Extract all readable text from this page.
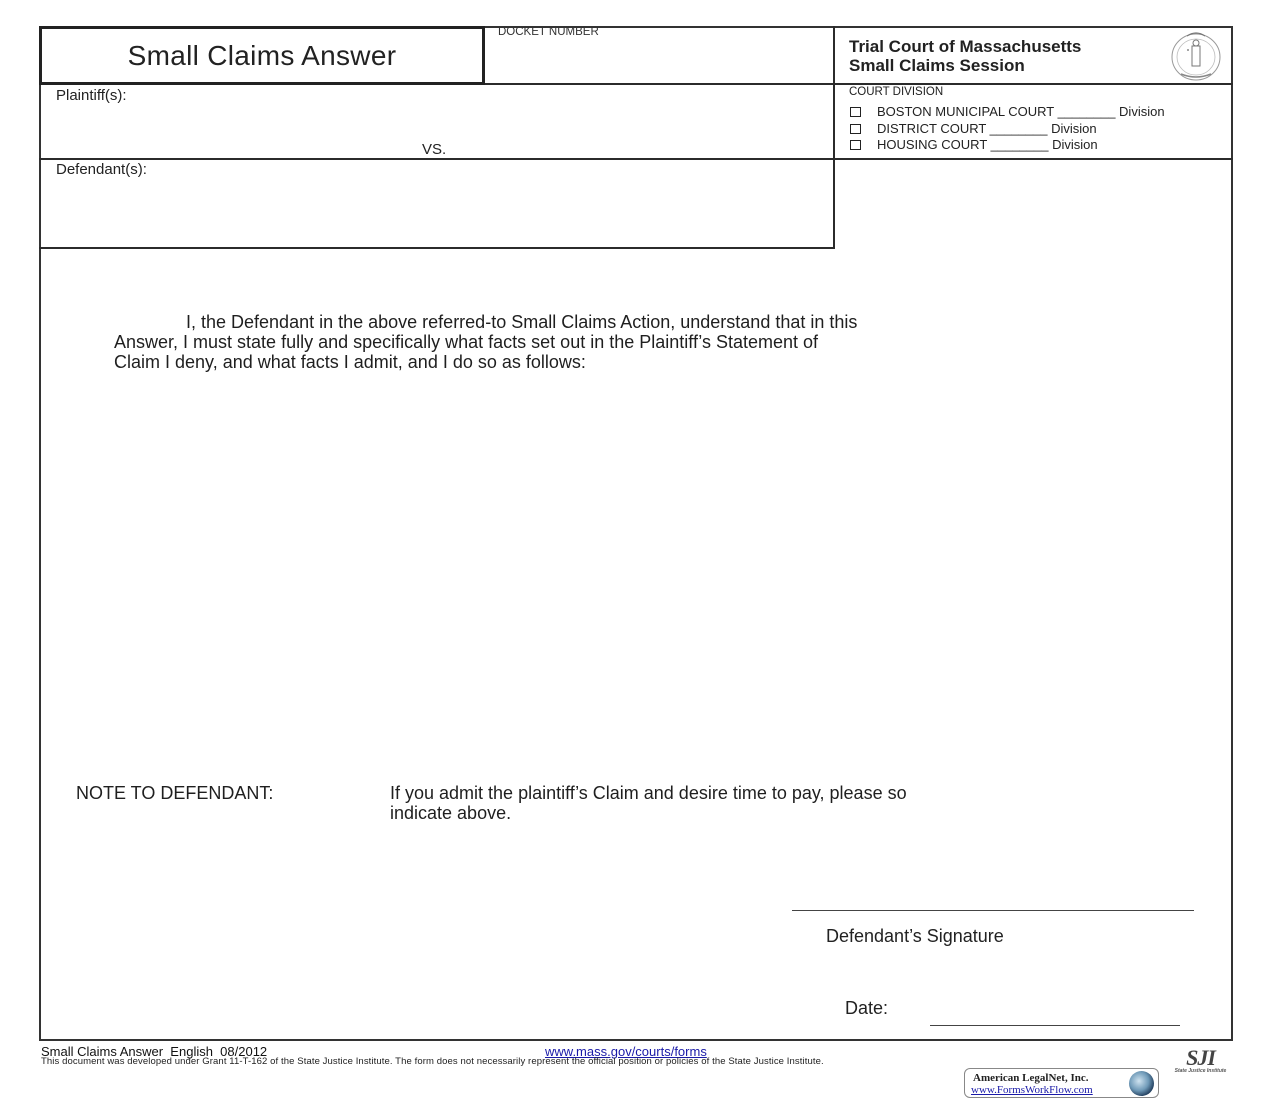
Small Claims Answer
DOCKET NUMBER
Trial Court of Massachusetts
Small Claims Session
Plaintiff(s):
VS.
Defendant(s):
COURT DIVISION
BOSTON MUNICIPAL COURT ________ Division
DISTRICT COURT ________ Division
HOUSING COURT ________ Division
I, the Defendant in the above referred-to Small Claims Action, understand that in this
Answer, I must state fully and specifically what facts set out in the Plaintiff’s Statement of
Claim I deny, and what facts I admit, and I do so as follows:
NOTE TO DEFENDANT:	If you admit the plaintiff’s Claim and desire time to pay, please so
indicate above.
Defendant’s Signature
Date:
Small Claims Answer  English  08/2012	www.mass.gov/courts/forms
This document was developed under Grant 11-T-162 of the State Justice Institute. The form does not necessarily represent the official position or policies of the State Justice Institute.	SJI
State Justice Institute
American LegalNet, Inc.
www.FormsWorkFlow.com
